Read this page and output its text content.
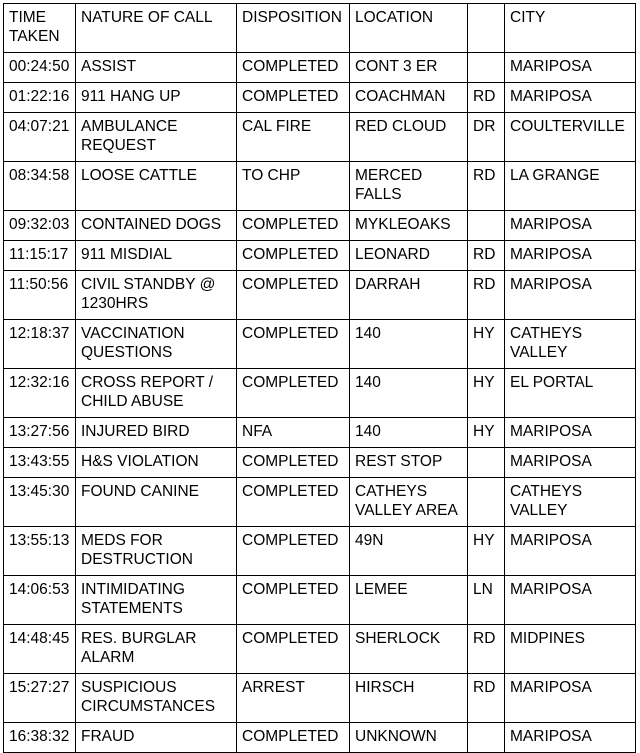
TIME TAKEN	NATURE OF CALL	DISPOSITION	LOCATION		CITY
00:24:50	ASSIST	COMPLETED	CONT 3 ER		MARIPOSA
01:22:16	911 HANG UP	COMPLETED	COACHMAN	RD	MARIPOSA
04:07:21	AMBULANCE REQUEST	CAL FIRE	RED CLOUD	DR	COULTERVILLE
08:34:58	LOOSE CATTLE	TO CHP	MERCED FALLS	RD	LA GRANGE
09:32:03	CONTAINED DOGS	COMPLETED	MYKLEOAKS		MARIPOSA
11:15:17	911 MISDIAL	COMPLETED	LEONARD	RD	MARIPOSA
11:50:56	CIVIL STANDBY @ 1230HRS	COMPLETED	DARRAH	RD	MARIPOSA
12:18:37	VACCINATION QUESTIONS	COMPLETED	140	HY	CATHEYS VALLEY
12:32:16	CROSS REPORT / CHILD ABUSE	COMPLETED	140	HY	EL PORTAL
13:27:56	INJURED BIRD	NFA	140	HY	MARIPOSA
13:43:55	H&S VIOLATION	COMPLETED	REST STOP		MARIPOSA
13:45:30	FOUND CANINE	COMPLETED	CATHEYS VALLEY AREA		CATHEYS VALLEY
13:55:13	MEDS FOR DESTRUCTION	COMPLETED	49N	HY	MARIPOSA
14:06:53	INTIMIDATING STATEMENTS	COMPLETED	LEMEE	LN	MARIPOSA
14:48:45	RES. BURGLAR ALARM	COMPLETED	SHERLOCK	RD	MIDPINES
15:27:27	SUSPICIOUS CIRCUMSTANCES	ARREST	HIRSCH	RD	MARIPOSA
16:38:32	FRAUD	COMPLETED	UNKNOWN		MARIPOSA
